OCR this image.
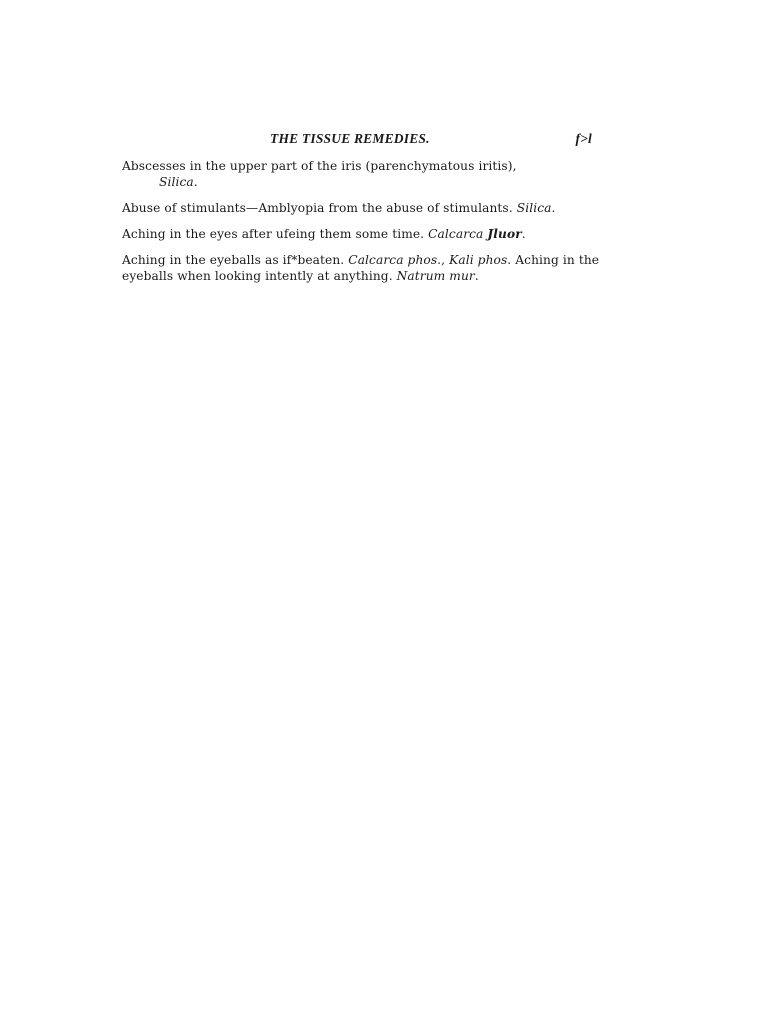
THE TISSUE REMEDIES.	f>l

Abscesses in the upper part of the iris (parenchymatous iritis),
Silica.

Abuse of stimulants—Amblyopia from the abuse of stimulants. Silica.

Aching in the eyes after ufeing them some time. Calcarca Jluor.

Aching in the eyeballs as if*beaten. Calcarca phos., Kali phos. Aching in the eyeballs when looking intently at anything. Natrum mur.
